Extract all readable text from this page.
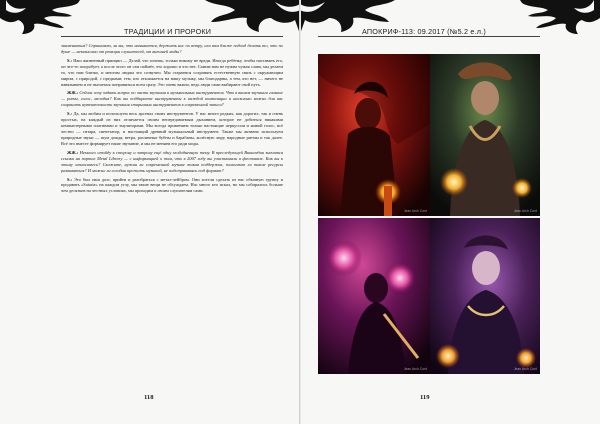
ТРАДИЦИИ И ПРОРОКИ	АПОКРИФ-113: 09.2017 (№5.2 e.л.)

знаменитым? Спрашиваю, ли вы, что называется, держать нос по ветру, или вам ближе подход делать то, что по душе — независимо от реакции слушателей, от внешней моды?

S.: Наш жизненный принцип — Делай, что хочешь, только никому не вреди. Иногда ребёнку, чтобы наставить его, он что-то попробует, а после этого он сам поймёт, что хорошо и что нет. Самим нам не нужна чужая слава, мы делаем то, что нам близко, и многим людям это созвучно. Мы стараемся сохранять естественную связь с окружающим миром, с природой, с предками; тем, кто откликается на нашу музыку, мы благодарны, а тем, кто нет, — ничего не навязываем и не пытаемся понравиться всем сразу. Это очень важно, ведь люди сами выбирают свой путь.

ЖЖ.: Сейчас хочу задать вопрос по части звучания и музыкальных инструментов. Что в вашем звучании главное — ритм, голос, мелодия? Как вы подбираете инструменты к каждой композиции и насколько важно для вас сохранить аутентичность звучания старинных инструментов в современной записи?

S.: Да, мы любим и используем весь арсенал своих инструментов. У нас много редких, как дорогих, так и очень простых, на каждый из них отличается своим непередаваемым дыханием, которое не добиться никакими компьютерными плагинами и эмуляторами. Мы всегда применяем только настоящие перкуссии и живой голос, всё честно — гитара, синтезатор, и настоящий древний музыкальный инструмент. Также мы активно используем природные звуки — шум дождя, ветра, различные бубны и барабаны, колёсную лиру, народные ритмы и так далее. Всё это вместе формирует наше звучание, и мы не меняем его ради моды.

ЖЖ.: Немного отойду в сторону и затрону ещё одну злободневную тему. В преследующей Википедии значится ссылка на портал Metal Library — с информацией о том, что в 2007 году вы участвовали в фестивале. Как вы к этому относитесь? Скажите, нужна ли современной музыке такая поддержка, помогают ли такие ресурсы развиваться? И можно ли сегодня прожить музыкой, не подстраиваясь под формат?

S.: Это был наш долг, прийти и разобраться с метал-лейбром. Они хотели сделать из нас обычную группу и продавать «Sataria» на каждом углу, мы такие вещи не обсуждаем. Нас много кто искал, но мы собирались больше чем десятков на честных условиях, мы приходим к своим слушателям сами.

118
Jean Arch Cont	Jean Arch Cont
Jean Arch Cont	Jean Arch Cont
119
